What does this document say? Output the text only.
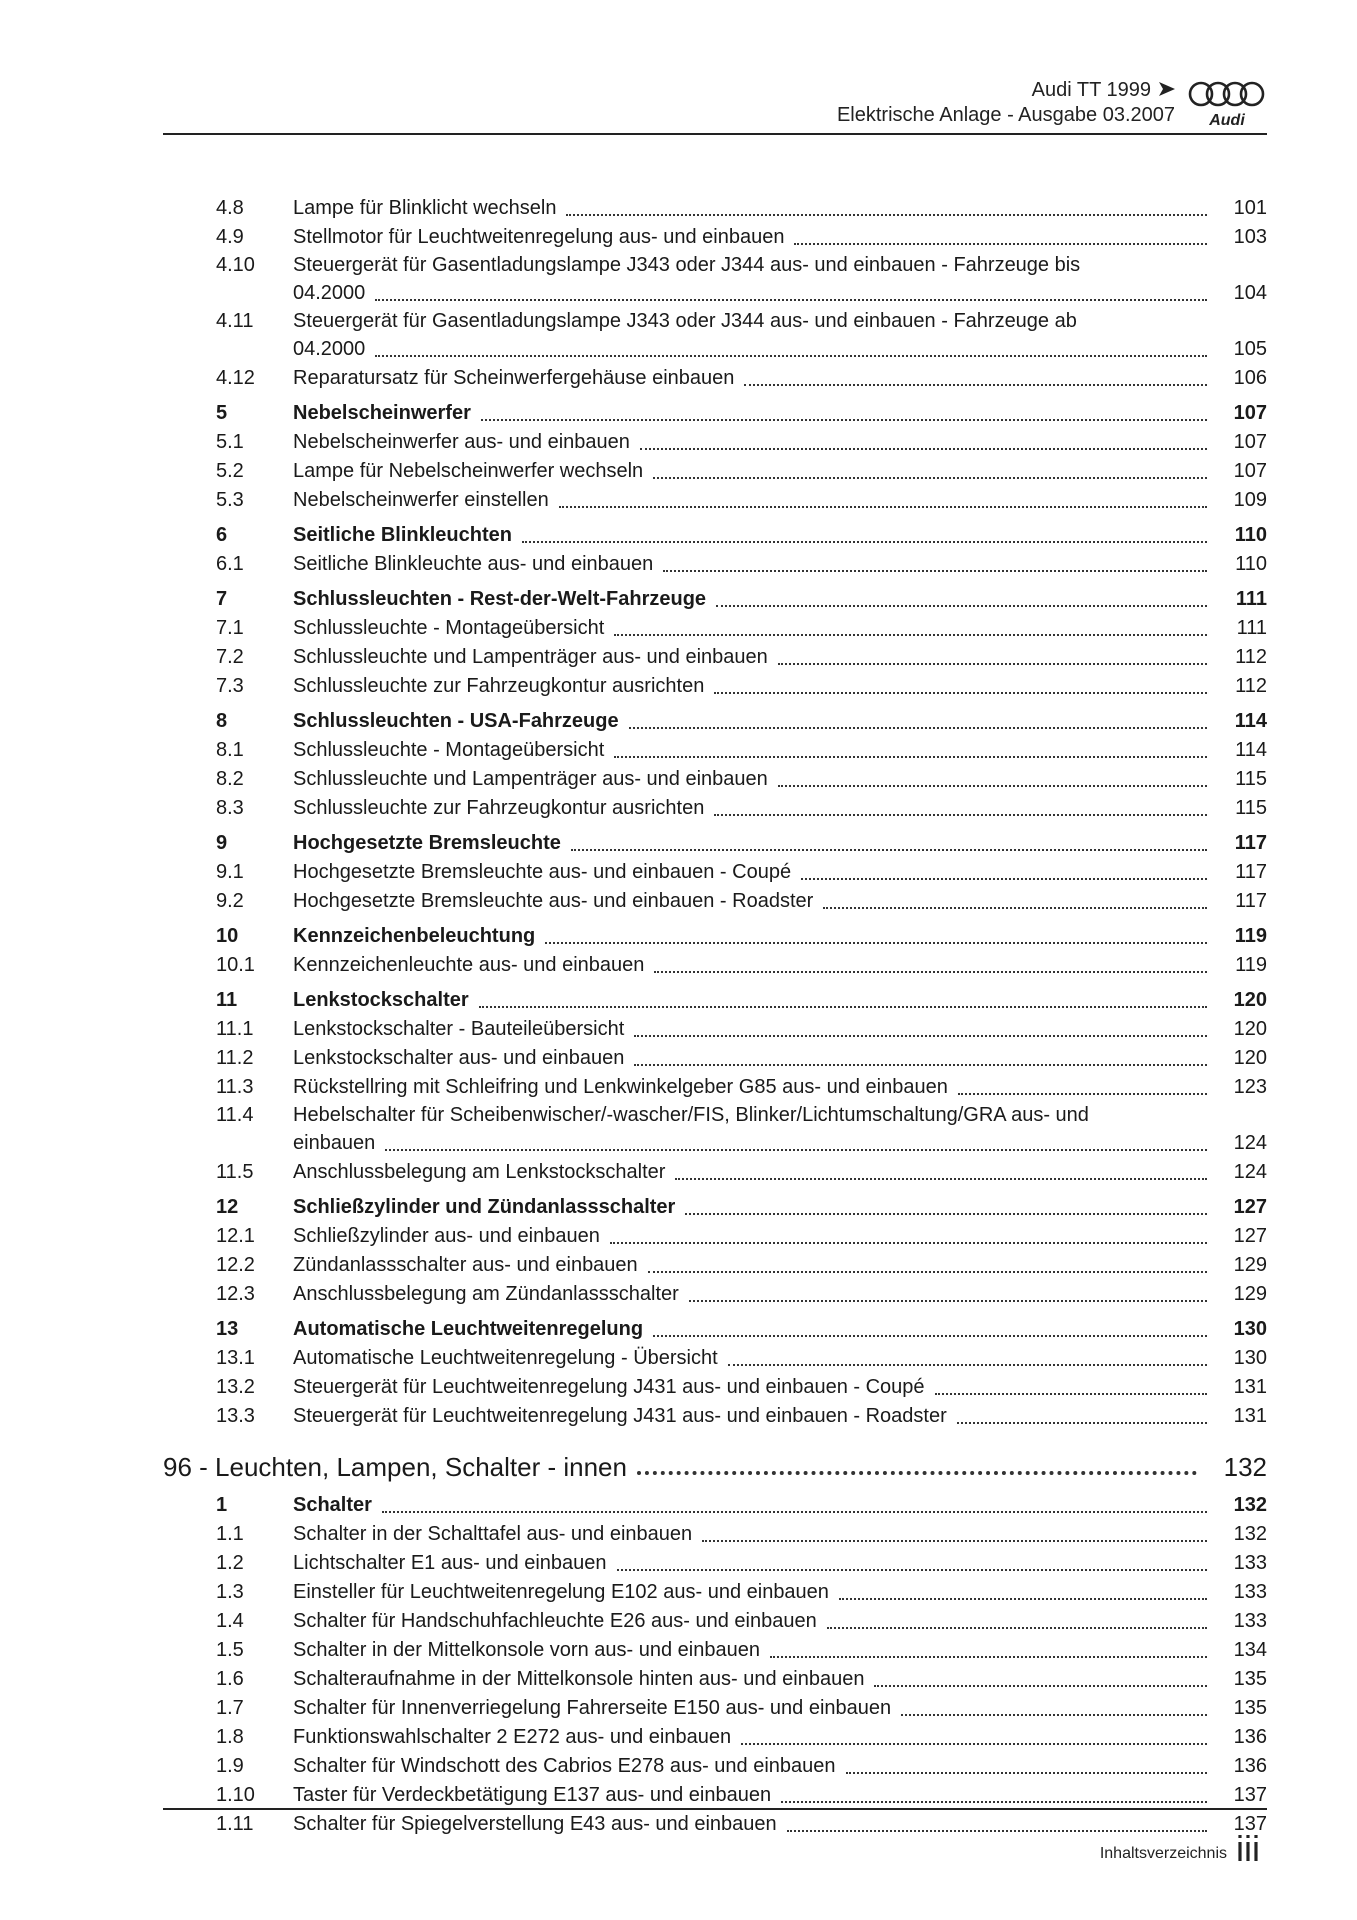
Audi TT 1999
Elektrische Anlage - Ausgabe 03.2007 Audi
4.8 Lampe für Blinklicht wechseln	101
4.9 Stellmotor für Leuchtweitenregelung aus- und einbauen	103
4.10 Steuergerät für Gasentladungslampe J343 oder J344 aus- und einbauen - Fahrzeuge bis
04.2000	104
4.11 Steuergerät für Gasentladungslampe J343 oder J344 aus- und einbauen - Fahrzeuge ab
04.2000	105
4.12 Reparatursatz für Scheinwerfergehäuse einbauen	106
5	Nebelscheinwerfer	107
5.1 Nebelscheinwerfer aus- und einbauen	107
5.2 Lampe für Nebelscheinwerfer wechseln	107
5.3 Nebelscheinwerfer einstellen	109
6	Seitliche Blinkleuchten	110
6.1 Seitliche Blinkleuchte aus- und einbauen	110
7	Schlussleuchten - Rest-der-Welt-Fahrzeuge	111
7.1 Schlussleuchte - Montageübersicht	111
7.2 Schlussleuchte und Lampenträger aus- und einbauen	112
7.3 Schlussleuchte zur Fahrzeugkontur ausrichten	112
8	Schlussleuchten - USA-Fahrzeuge	114
8.1 Schlussleuchte - Montageübersicht	114
8.2 Schlussleuchte und Lampenträger aus- und einbauen	115
8.3 Schlussleuchte zur Fahrzeugkontur ausrichten	115
9	Hochgesetzte Bremsleuchte	117
9.1 Hochgesetzte Bremsleuchte aus- und einbauen - Coupé	117
9.2 Hochgesetzte Bremsleuchte aus- und einbauen - Roadster	117
10	Kennzeichenbeleuchtung	119
10.1 Kennzeichenleuchte aus- und einbauen	119
11	Lenkstockschalter	120
11.1 Lenkstockschalter - Bauteileübersicht	120
11.2 Lenkstockschalter aus- und einbauen	120
11.3 Rückstellring mit Schleifring und Lenkwinkelgeber G85 aus- und einbauen	123
11.4 Hebelschalter für Scheibenwischer/-wascher/FIS, Blinker/Lichtumschaltung/GRA aus- und
einbauen	124
11.5 Anschlussbelegung am Lenkstockschalter	124
12	Schließzylinder und Zündanlassschalter	127
12.1 Schließzylinder aus- und einbauen	127
12.2 Zündanlassschalter aus- und einbauen	129
12.3 Anschlussbelegung am Zündanlassschalter	129
13	Automatische Leuchtweitenregelung	130
13.1 Automatische Leuchtweitenregelung - Übersicht	130
13.2 Steuergerät für Leuchtweitenregelung J431 aus- und einbauen - Coupé	131
13.3 Steuergerät für Leuchtweitenregelung J431 aus- und einbauen - Roadster	131
96 - Leuchten, Lampen, Schalter - innen	132
1	Schalter	132
1.1 Schalter in der Schalttafel aus- und einbauen	132
1.2 Lichtschalter E1 aus- und einbauen	133
1.3 Einsteller für Leuchtweitenregelung E102 aus- und einbauen	133
1.4 Schalter für Handschuhfachleuchte E26 aus- und einbauen	133
1.5 Schalter in der Mittelkonsole vorn aus- und einbauen	134
1.6 Schalteraufnahme in der Mittelkonsole hinten aus- und einbauen	135
1.7 Schalter für Innenverriegelung Fahrerseite E150 aus- und einbauen	135
1.8 Funktionswahlschalter 2 E272 aus- und einbauen	136
1.9 Schalter für Windschott des Cabrios E278 aus- und einbauen	136
1.10 Taster für Verdeckbetätigung E137 aus- und einbauen	137
1.11 Schalter für Spiegelverstellung E43 aus- und einbauen	137
Inhaltsverzeichnis iii
